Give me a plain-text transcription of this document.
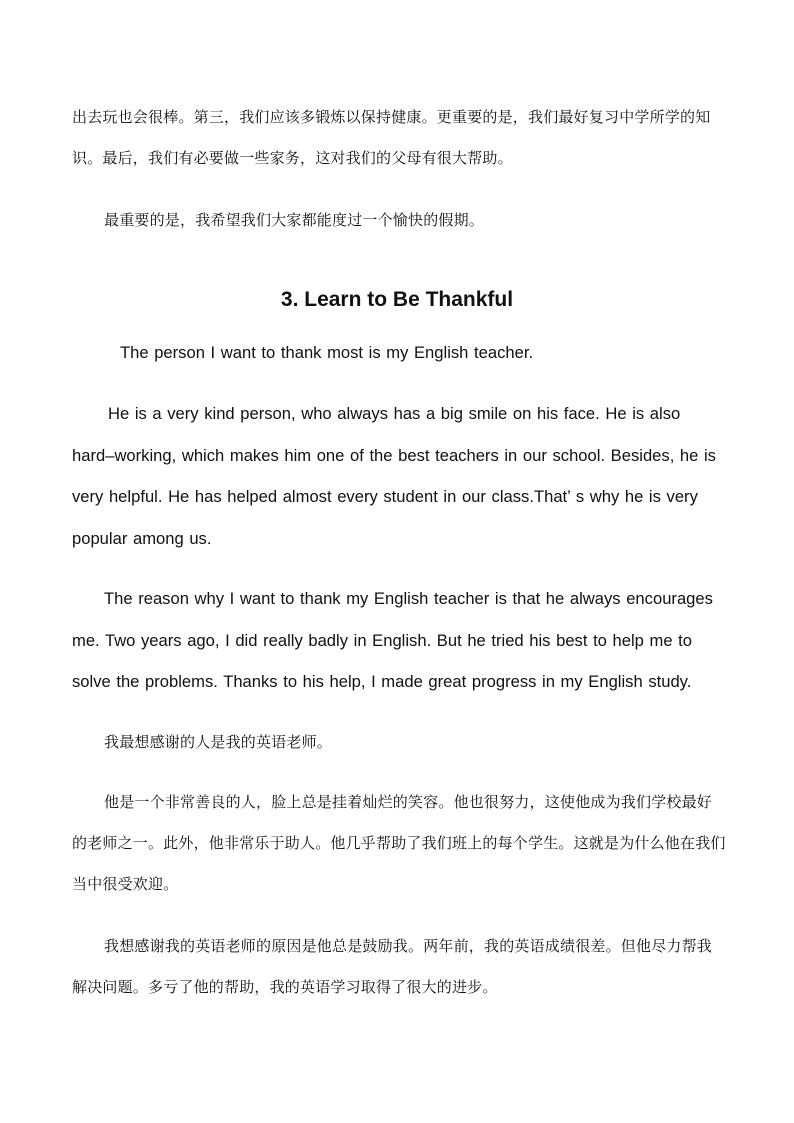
出去玩也会很棒。第三，我们应该多锻炼以保持健康。更重要的是，我们最好复习中学所学的知识。最后，我们有必要做一些家务，这对我们的父母有很大帮助。

最重要的是，我希望我们大家都能度过一个愉快的假期。

3. Learn to Be Thankful

The person I want to thank most is my English teacher.

He is a very kind person, who always has a big smile on his face. He is also hard–working, which makes him one of the best teachers in our school. Besides, he is very helpful. He has helped almost every student in our class.That’ s why he is very popular among us.

The reason why I want to thank my English teacher is that he always encourages me. Two years ago, I did really badly in English. But he tried his best to help me to solve the problems. Thanks to his help, I made great progress in my English study.

我最想感谢的人是我的英语老师。

他是一个非常善良的人，脸上总是挂着灿烂的笑容。他也很努力，这使他成为我们学校最好的老师之一。此外，他非常乐于助人。他几乎帮助了我们班上的每个学生。这就是为什么他在我们当中很受欢迎。

我想感谢我的英语老师的原因是他总是鼓励我。两年前，我的英语成绩很差。但他尽力帮我解决问题。多亏了他的帮助，我的英语学习取得了很大的进步。
